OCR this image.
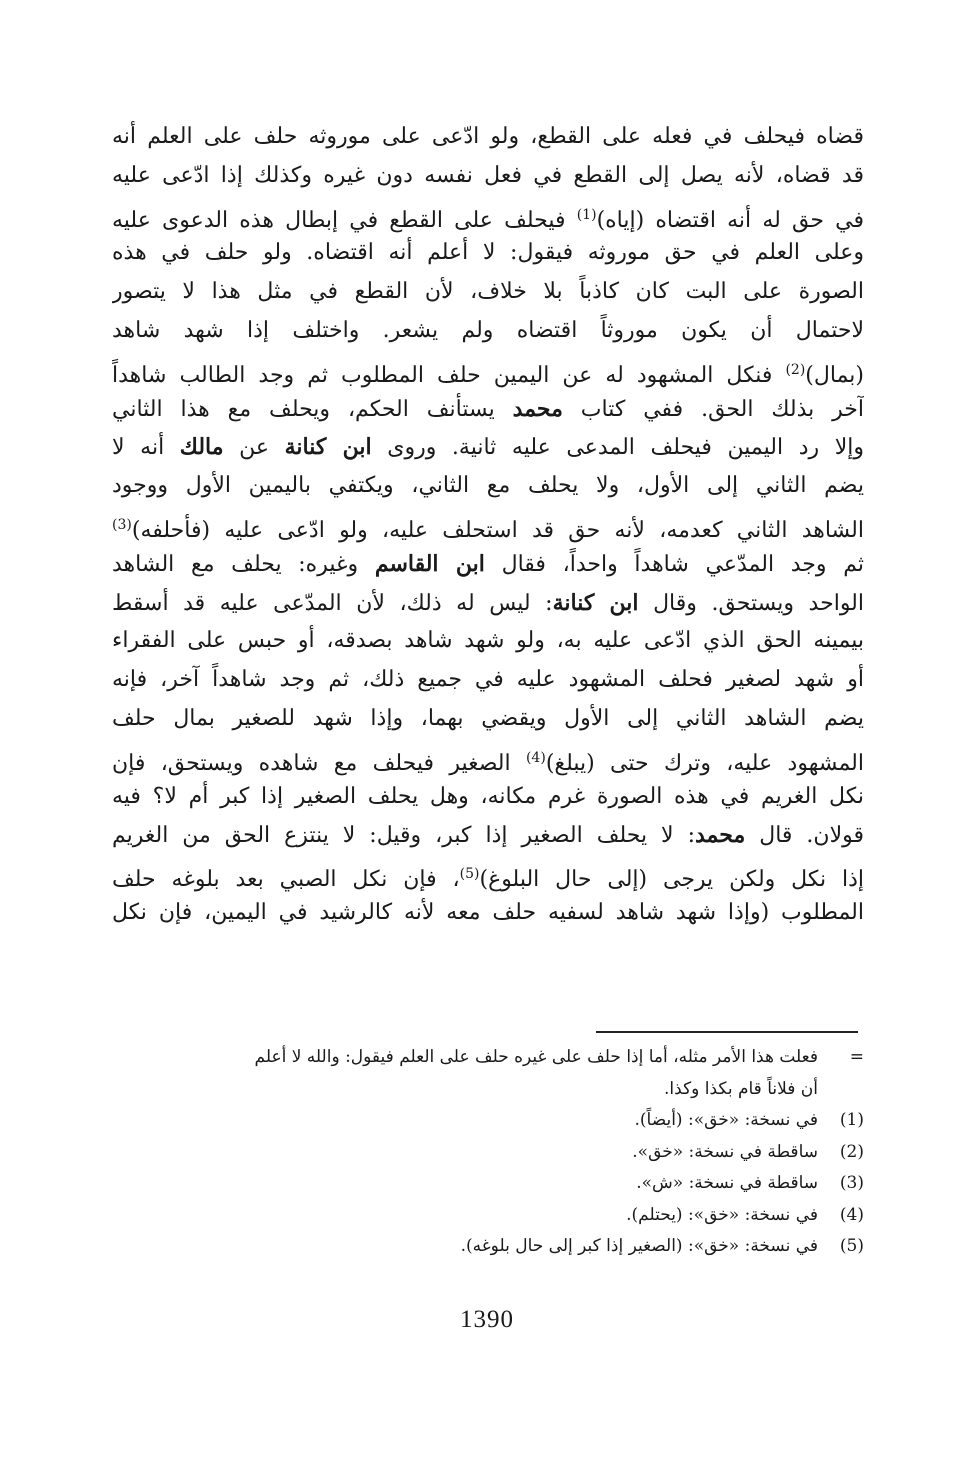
قضاه فيحلف في فعله على القطع، ولو ادّعى على موروثه حلف على العلم أنه
قد قضاه، لأنه يصل إلى القطع في فعل نفسه دون غيره وكذلك إذا ادّعى عليه
في حق له أنه اقتضاه (إياه)$^{(1)}$ فيحلف على القطع في إبطال هذه الدعوى عليه
وعلى العلم في حق موروثه فيقول: لا أعلم أنه اقتضاه. ولو حلف في هذه
الصورة على البت كان كاذباً بلا خلاف، لأن القطع في مثل هذا لا يتصور
لاحتمال أن يكون موروثاً اقتضاه ولم يشعر. واختلف إذا شهد شاهد
(بمال)$^{(2)}$ فنكل المشهود له عن اليمين حلف المطلوب ثم وجد الطالب شاهداً
آخر بذلك الحق. ففي كتاب محمد يستأنف الحكم، ويحلف مع هذا الثاني
وإلا رد اليمين فيحلف المدعى عليه ثانية. وروى ابن كنانة عن مالك أنه لا
يضم الثاني إلى الأول، ولا يحلف مع الثاني، ويكتفي باليمين الأول ووجود
الشاهد الثاني كعدمه، لأنه حق قد استحلف عليه، ولو ادّعى عليه (فأحلفه)$^{(3)}$
ثم وجد المدّعي شاهداً واحداً، فقال ابن القاسم وغيره: يحلف مع الشاهد
الواحد ويستحق. وقال ابن كنانة: ليس له ذلك، لأن المدّعى عليه قد أسقط
بيمينه الحق الذي ادّعى عليه به، ولو شهد شاهد بصدقه، أو حبس على الفقراء
أو شهد لصغير فحلف المشهود عليه في جميع ذلك، ثم وجد شاهداً آخر، فإنه
يضم الشاهد الثاني إلى الأول ويقضي بهما، وإذا شهد للصغير بمال حلف
المشهود عليه، وترك حتى (يبلغ)$^{(4)}$ الصغير فيحلف مع شاهده ويستحق، فإن
نكل الغريم في هذه الصورة غرم مكانه، وهل يحلف الصغير إذا كبر أم لا؟ فيه
قولان. قال محمد: لا يحلف الصغير إذا كبر، وقيل: لا ينتزع الحق من الغريم
إذا نكل ولكن يرجى (إلى حال البلوغ)$^{(5)}$، فإن نكل الصبي بعد بلوغه حلف
المطلوب (وإذا شهد شاهد لسفيه حلف معه لأنه كالرشيد في اليمين، فإن نكل
=فعلت هذا الأمر مثله، أما إذا حلف على غيره حلف على العلم فيقول: والله لا أعلم
أن فلاناً قام بكذا وكذا.
(1)في نسخة: «خق»: (أيضاً).
(2)ساقطة في نسخة: «خق».
(3)ساقطة في نسخة: «ش».
(4)في نسخة: «خق»: (يحتلم).
(5)في نسخة: «خق»: (الصغير إذا كبر إلى حال بلوغه).
1390
